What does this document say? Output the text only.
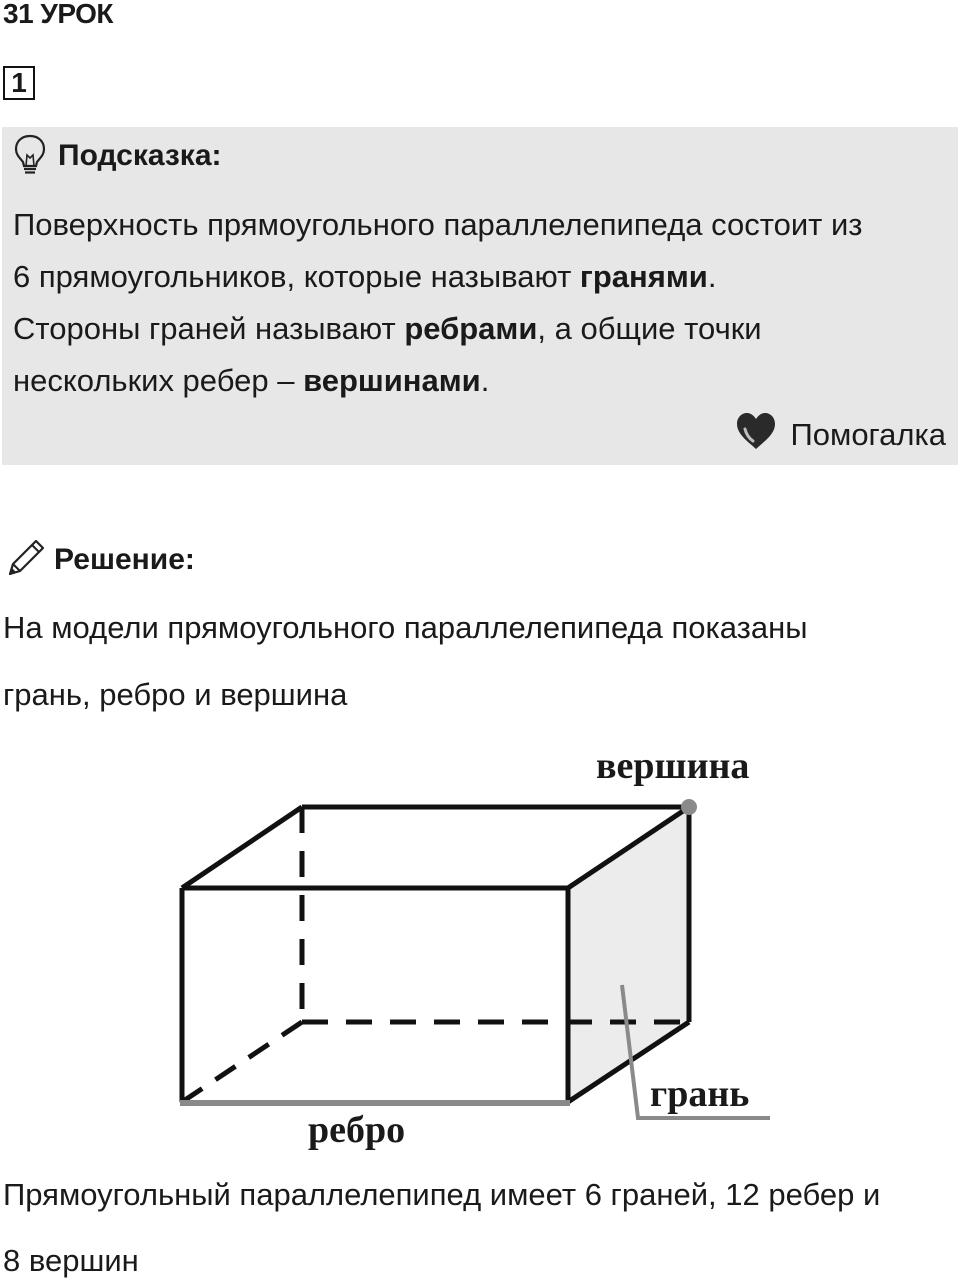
31 УРОК
1
Подсказка:

Поверхность прямоугольного параллелепипеда состоит из

6 прямоугольников, которые называют гранями.

Стороны граней называют ребрами, а общие точки

нескольких ребер – вершинами.

Помогалка
Решение:
На модели прямоугольного параллелепипеда показаны
грань, ребро и вершина
вершина
грань
ребро
Прямоугольный параллелепипед имеет 6 граней, 12 ребер и
8 вершин
